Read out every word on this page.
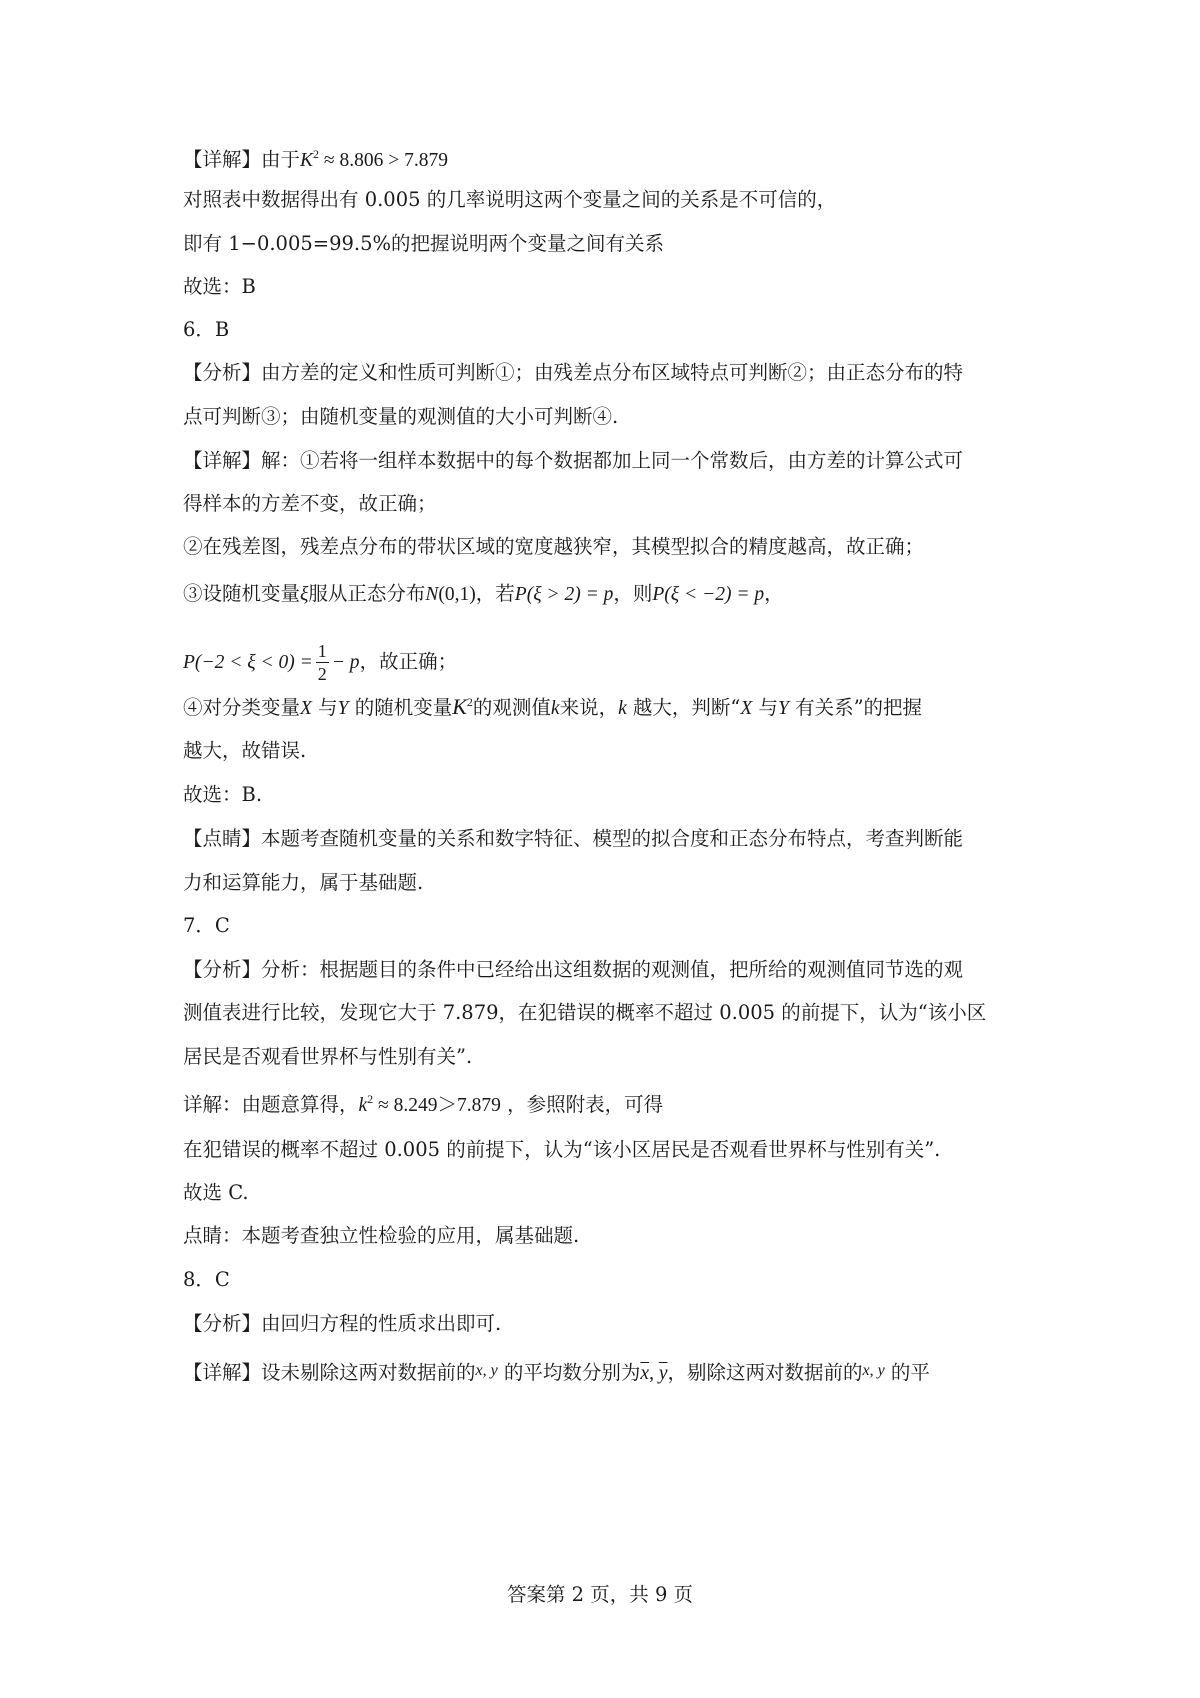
【详解】由于$K^2 \approx 8.806 > 7.879$
对照表中数据得出有 0.005 的几率说明这两个变量之间的关系是不可信的，
即有 1−0.005=99.5%的把握说明两个变量之间有关系
故选：B
6．B
【分析】由方差的定义和性质可判断①；由残差点分布区域特点可判断②；由正态分布的特
点可判断③；由随机变量的观测值的大小可判断④.
【详解】解：①若将一组样本数据中的每个数据都加上同一个常数后，由方差的计算公式可
得样本的方差不变，故正确；
②在残差图，残差点分布的带状区域的宽度越狭窄，其模型拟合的精度越高，故正确；
③设随机变量ξ服从正态分布N(0,1)，若P(ξ > 2) = p，则P(ξ < −2) = p，
$P(-2 < \xi < 0) = \frac{1}{2} - p$，故正确；
④对分类变量X 与Y 的随机变量$K^2$的观测值k来说，k 越大，判断“X 与Y 有关系”的把握
越大，故错误.
故选：B.
【点睛】本题考查随机变量的关系和数字特征、模型的拟合度和正态分布特点，考查判断能
力和运算能力，属于基础题.
7．C
【分析】分析：根据题目的条件中已经给出这组数据的观测值，把所给的观测值同节选的观
测值表进行比较，发现它大于 7.879，在犯错误的概率不超过 0.005 的前提下，认为“该小区
居民是否观看世界杯与性别有关”.
详解：由题意算得，$k^2 \approx 8.249>7.879$ ，参照附表，可得
在犯错误的概率不超过 0.005 的前提下，认为“该小区居民是否观看世界杯与性别有关”.
故选 C.
点睛：本题考查独立性检验的应用，属基础题.
8．C
【分析】由回归方程的性质求出即可.
【详解】设未剔除这两对数据前的$^{x, y}$ 的平均数分别为$\overline{x}$, $\overline{y}$，剔除这两对数据前的$^{x, y}$ 的平
答案第 2 页，共 9 页
